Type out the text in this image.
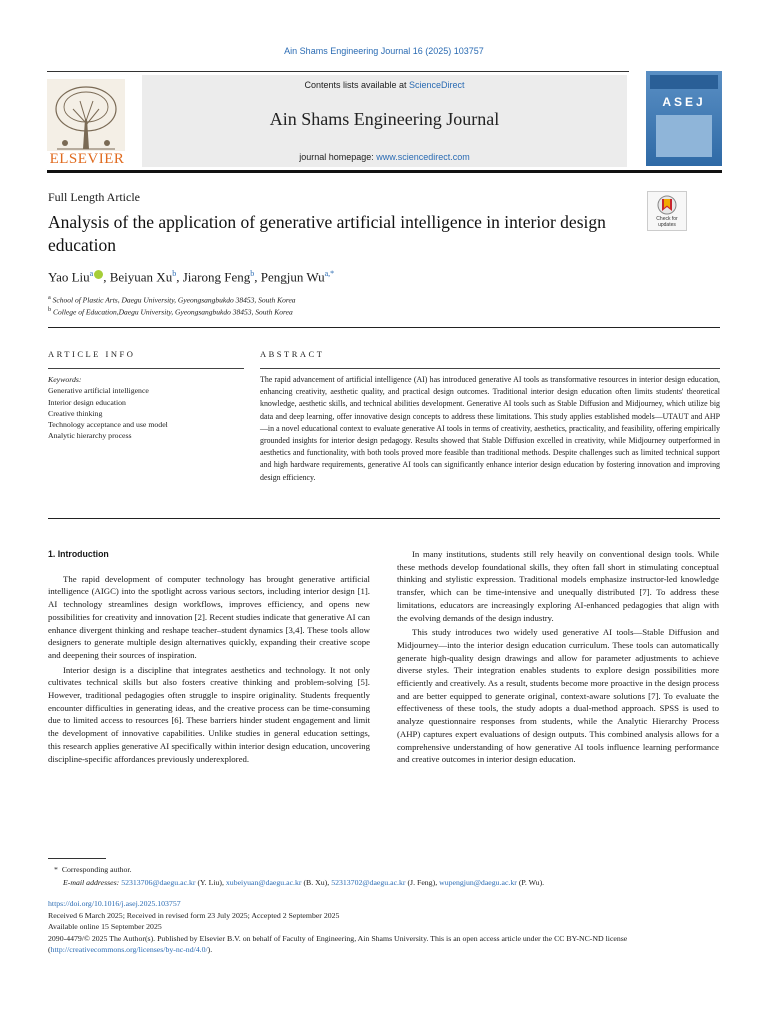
Ain Shams Engineering Journal 16 (2025) 103757
ELSEVIER
Contents lists available at ScienceDirect
Ain Shams Engineering Journal
journal homepage: www.sciencedirect.com
ASEJ
Full Length Article
Analysis of the application of generative artificial intelligence in interior design education
Check for
updates
Yao Liu$^a$ , Beiyuan Xu$^b$, Jiarong Feng$^b$, Pengjun $Wu^{a,*}$
$^a$ School of Plastic Arts, Daegu University, Gyeongsangbukdo 38453, South Korea
$^b$ College of Education,Daegu University, Gyeongsangbukdo 38453, South Korea
ARTICLE INFO	ABSTRACT
Keywords:
Generative artificial intelligence
Interior design education
Creative thinking
Technology acceptance and use model
Analytic hierarchy process
The rapid advancement of artificial intelligence (AI) has introduced generative AI tools as transformative resources in interior design education, enhancing creativity, aesthetic quality, and practical design outcomes. Traditional interior design education often limits students' theoretical knowledge, aesthetic skills, and technical abilities development. Generative AI tools such as Stable Diffusion and Midjourney, which utilize big data and deep learning, offer innovative design concepts to address these limitations. This study applies established models—UTAUT and AHP—in a novel educational context to evaluate generative AI tools in terms of creativity, aesthetics, practicality, and feasibility, offering empirically grounded insights for interior design pedagogy. Results showed that Stable Diffusion excelled in creativity, while Midjourney outperformed in aesthetics and functionality, with both tools proved more feasible than traditional methods. Despite challenges such as limited technical support and high hardware requirements, generative AI tools can significantly enhance interior design education by fostering innovation and improving design efficiency.
1. Introduction

The rapid development of computer technology has brought generative artificial intelligence (AIGC) into the spotlight across various sectors, including interior design [1]. AI technology streamlines design workflows, improves efficiency, and opens new possibilities for creativity and innovation [2]. Recent studies indicate that generative AI can enhance divergent thinking and reshape teacher–student dynamics [3,4]. These tools allow designers to generate multiple design alternatives quickly, expanding their creative scope and deepening their sources of inspiration.

Interior design is a discipline that integrates aesthetics and technology. It not only cultivates technical skills but also fosters creative thinking and problem-solving [5]. However, traditional pedagogies often struggle to inspire originality. Students frequently encounter difficulties in generating ideas, and the creative process can be time-consuming due to limited access to resources [6]. These barriers hinder student engagement and limit the development of innovative capabilities. Unlike studies in general education settings, this research applies generative AI specifically within interior design education, uncovering discipline-specific affordances previously underexplored.

In many institutions, students still rely heavily on conventional design tools. While these methods develop foundational skills, they often fall short in stimulating conceptual thinking and stylistic expression. Traditional models emphasize instructor-led knowledge transfer, which can be time-intensive and unequally distributed [7]. To address these limitations, educators are increasingly exploring AI-enhanced pedagogies that align with the evolving demands of the design industry.

This study introduces two widely used generative AI tools—Stable Diffusion and Midjourney—into the interior design education curriculum. These tools can automatically generate high-quality design drawings and allow for parameter adjustments to achieve diverse styles. Their integration enables students to explore design possibilities more efficiently and creatively. As a result, students become more proactive in the design process and are better equipped to generate original, context-aware solutions [7]. To evaluate the effectiveness of these tools, the study adopts a dual-method approach. SPSS is used to analyze questionnaire responses from students, while the Analytic Hierarchy Process (AHP) captures expert evaluations of design outputs. This combined analysis allows for a comprehensive understanding of how generative AI tools influence learning performance and creative outcomes in interior design education.

* Corresponding author.
E-mail addresses: 52313706@daegu.ac.kr (Y. Liu), xubeiyuan@daegu.ac.kr (B. Xu), 52313702@daegu.ac.kr (J. Feng), wupengjun@daegu.ac.kr (P. Wu).
https://doi.org/10.1016/j.asej.2025.103757
Received 6 March 2025; Received in revised form 23 July 2025; Accepted 2 September 2025
Available online 15 September 2025
2090-4479/© 2025 The Author(s). Published by Elsevier B.V. on behalf of Faculty of Engineering, Ain Shams University. This is an open access article under the CC BY-NC-ND license (http://creativecommons.org/licenses/by-nc-nd/4.0/).
